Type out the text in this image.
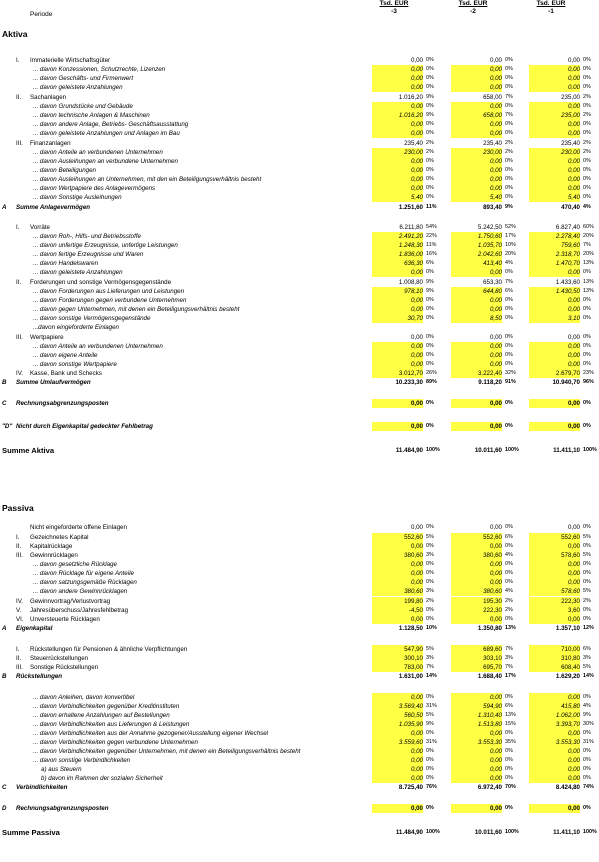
Periode
Tsd. EUR
-3
Tsd. EUR
-2
Tsd. EUR
-1
Aktiva
Passiva
I. Immaterielle Wirtschaftsgüter	0,00 0%	0,00 0%	0,00 0%
... davon Konzessionen, Schutzrechte, Lizenzen	0,00 0%	0,00 0%	0,00 0%
... davon Geschäfts- und Firmenwert	0,00 0%	0,00 0%	0,00 0%
... davon geleistete Anzahlungen	0,00 0%	0,00 0%	0,00 0%
II. Sachanlagen	1.016,20 9%	658,00 7%	235,00 2%
... davon Grundstücke und Gebäude	0,00 0%	0,00 0%	0,00 0%
... davon technische Anlagen & Maschinen	1.016,20 9%	658,00 7%	235,00 2%
... davon andere Anlage, Betriebs- Geschäftsausstattung	0,00 0%	0,00 0%	0,00 0%
... davon geleistete Anzahlungen und Anlagen im Bau	0,00 0%	0,00 0%	0,00 0%
III. Finanzanlagen	235,40 2%	235,40 2%	235,40 2%
... davon Anteile an verbundenen Unternehmen	230,00 2%	230,00 2%	230,00 2%
... davon Ausleihungen an verbundene Unternehmen	0,00 0%	0,00 0%	0,00 0%
... davon Beteiligungen	0,00 0%	0,00 0%	0,00 0%
... davon Ausleihungen an Unternehmen, mit den ein Beteiligungsverhältnis besteht	0,00 0%	0,00 0%	0,00 0%
... davon Wertpapiere des Anlagevermögens	0,00 0%	0,00 0%	0,00 0%
... davon Sonstige Ausleihungen	5,40 0%	5,40 0%	5,40 0%
A Summe Anlagevermögen	1.251,60 11%	893,40 9%	470,40 4%
I. Vorräte	6.211,80 54%	5.242,50 52%	6.827,40 60%
... davon Roh-, Hilfs- und Betriebsstoffe	2.491,20 22%	1.750,60 17%	2.278,40 20%
... davon unfertige Erzeugnisse, unfertige Leistungen	1.248,30 11%	1.035,70 10%	759,60 7%
... davon fertige Erzeugnisse und Waren	1.836,00 16%	2.042,60 20%	2.318,70 20%
... davon Handelswaren	636,30 6%	413,40 4%	1.470,70 13%
... davon geleistete Anzahlungen	0,00 0%	0,00 0%	0,00 0%
II. Forderungen und sonstige Vermögensgegenstände	1.008,80 9%	653,30 7%	1.433,60 13%
... davon Forderungen aus Lieferungen und Leistungen	978,10 9%	644,80 6%	1.430,50 13%
... davon Forderungen gegen verbundene Unternehmen	0,00 0%	0,00 0%	0,00 0%
... davon gegen Unternehmen, mit denen ein Beteiligungsverhältnis besteht	0,00 0%	0,00 0%	0,00 0%
... davon sonstige Vermögensgegenstände	30,70 0%	8,50 0%	3,10 0%
...davon eingeforderte Einlagen
III. Wertpapiere	0,00 0%	0,00 0%	0,00 0%
... davon Anteile an verbundenen Unternehmen	0,00 0%	0,00 0%	0,00 0%
... davon eigene Anteile	0,00 0%	0,00 0%	0,00 0%
... davon sonstige Wertpapiere	0,00 0%	0,00 0%	0,00 0%
IV. Kasse, Bank und Schecks	3.012,70 26%	3.222,40 32%	2.679,70 23%
B Summe Umlaufvermögen	10.233,30 89%	9.118,20 91%	10.940,70 96%
C Rechnungsabgrenzungsposten	0,00 0%	0,00 0%	0,00 0%
"D" Nicht durch Eigenkapital gedeckter Fehlbetrag	0,00 0%	0,00 0%	0,00 0%
Summe Aktiva	11.484,90 100%	10.011,60 100%	11.411,10 100%
Nicht eingeforderte offene Einlagen	0,00 0%	0,00 0%	0,00 0%
I. Gezeichnetes Kapital	552,60 5%	552,60 6%	552,60 5%
II. Kapitalrücklage	0,00 0%	0,00 0%	0,00 0%
III. Gewinnrücklagen	380,60 3%	380,60 4%	578,60 5%
... davon gesetzliche Rücklage	0,00 0%	0,00 0%	0,00 0%
... davon Rücklage für eigene Anteile	0,00 0%	0,00 0%	0,00 0%
... davon satzungsgemäße Rücklagen	0,00 0%	0,00 0%	0,00 0%
... davon andere Gewinnrücklagen	380,60 3%	380,60 4%	578,60 5%
IV. Gewinnvortrag/Verlustvortrag	199,80 2%	195,30 2%	222,30 2%
V. Jahresüberschuss/Jahresfehlbetrag	-4,50 0%	222,30 2%	3,60 0%
VI. Unversteuerte Rücklagen	0,00 0%	0,00 0%	0,00 0%
A Eigenkapital	1.128,50 10%	1.350,80 13%	1.357,10 12%
I. Rückstellungen für Pensionen & ähnliche Verpflichtungen	547,90 5%	689,60 7%	710,00 6%
II. Steuerrückstellungen	300,10 3%	303,10 3%	310,80 3%
III. Sonstige Rückstellungen	783,00 7%	695,70 7%	608,40 5%
B Rückstellungen	1.631,00 14%	1.688,40 17%	1.629,20 14%
... davon Anleihen, davon konvertibel	0,00 0%	0,00 0%	0,00 0%
... davon Verbindlichkeiten gegenüber Kreditinstituten	3.569,40 31%	594,90 6%	415,80 4%
... davon erhaltene Anzahlungen auf Bestellungen	560,50 5%	1.310,40 13%	1.062,00 9%
... davon Verbindlichkeiten aus Lieferungen & Leistungen	1.035,90 9%	1.513,80 15%	3.393,70 30%
... davon Verbindlichkeiten aus der Annahme gezogener/Ausstellung eigener Wechsel	0,00 0%	0,00 0%	0,00 0%
... davon Verbindlichkeiten gegen verbundene Unternehmen	3.559,60 31%	3.553,30 35%	3.553,30 31%
... davon Verbindlichkeiten gegenüber Unternehmen, mit denen ein Beteiligungsverhältnis besteht	0,00 0%	0,00 0%	0,00 0%
... davon sonstige Verbindlichkeiten	0,00 0%	0,00 0%	0,00 0%
a) aus Steuern	0,00 0%	0,00 0%	0,00 0%
b) davon im Rahmen der sozialen Sicherheit	0,00 0%	0,00 0%	0,00 0%
C Verbindlichkeiten	8.725,40 76%	6.972,40 70%	8.424,80 74%
D Rechnungsabgrenzungsposten	0,00 0%	0,00 0%	0,00 0%
Summe Passiva	11.484,90 100%	10.011,60 100%	11.411,10 100%
